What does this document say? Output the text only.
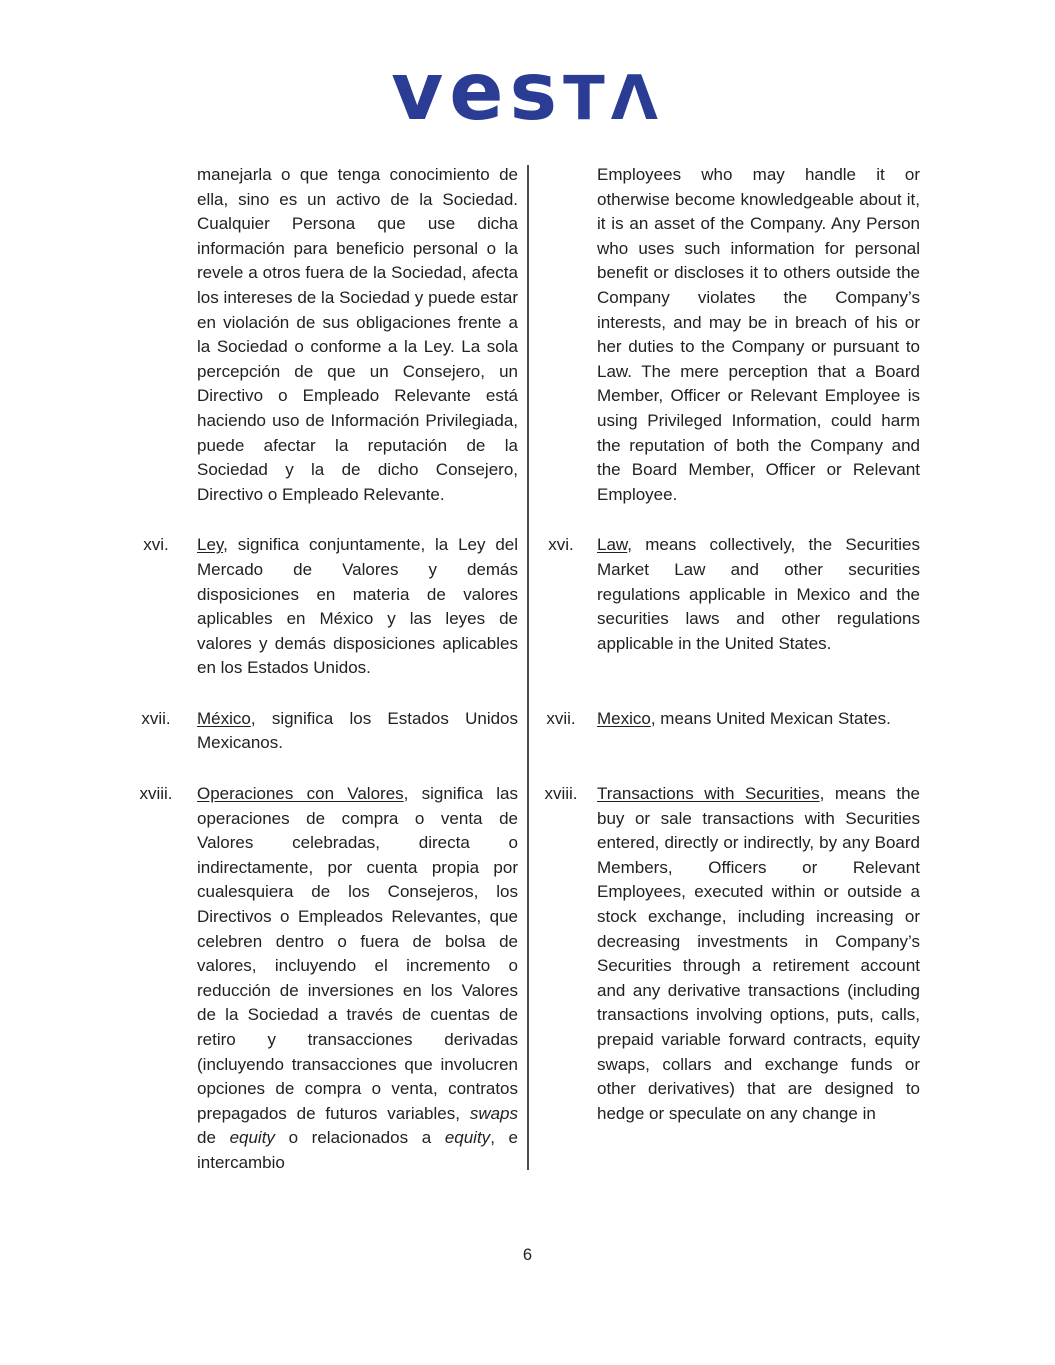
ves T Λ

manejarla o que tenga conocimiento de ella, sino es un activo de la Sociedad. Cualquier Persona que use dicha información para beneficio personal o la revele a otros fuera de la Sociedad, afecta los intereses de la Sociedad y puede estar en violación de sus obligaciones frente a la Sociedad o conforme a la Ley. La sola percepción de que un Consejero, un Directivo o Empleado Relevante está haciendo uso de Información Privilegiada, puede afectar la reputación de la Sociedad y la de dicho Consejero, Directivo o Empleado Relevante.

Employees who may handle it or otherwise become knowledgeable about it, it is an asset of the Company. Any Person who uses such information for personal benefit or discloses it to others outside the Company violates the Company’s interests, and may be in breach of his or her duties to the Company or pursuant to Law. The mere perception that a Board Member, Officer or Relevant Employee is using Privileged Information, could harm the reputation of both the Company and the Board Member, Officer or Relevant Employee.

xvi.	Ley, significa conjuntamente, la Ley del Mercado de Valores y demás disposiciones en materia de valores aplicables en México y las leyes de valores y demás disposiciones aplicables en los Estados Unidos.

xvi.	Law, means collectively, the Securities Market Law and other securities regulations applicable in Mexico and the securities laws and other regulations applicable in the United States.

xvii.	México, significa los Estados Unidos Mexicanos.

xvii.	Mexico, means United Mexican States.

xviii.	Operaciones con Valores, significa las operaciones de compra o venta de Valores celebradas, directa o indirectamente, por cuenta propia por cualesquiera de los Consejeros, los Directivos o Empleados Relevantes, que celebren dentro o fuera de bolsa de valores, incluyendo el incremento o reducción de inversiones en los Valores de la Sociedad a través de cuentas de retiro y transacciones derivadas (incluyendo transacciones que involucren opciones de compra o venta, contratos prepagados de futuros variables, swaps de equity o relacionados a equity, e intercambio

xviii.	Transactions with Securities, means the buy or sale transactions with Securities entered, directly or indirectly, by any Board Members, Officers or Relevant Employees, executed within or outside a stock exchange, including increasing or decreasing investments in Company’s Securities through a retirement account and any derivative transactions (including transactions involving options, puts, calls, prepaid variable forward contracts, equity swaps, collars and exchange funds or other derivatives) that are designed to hedge or speculate on any change in

6
